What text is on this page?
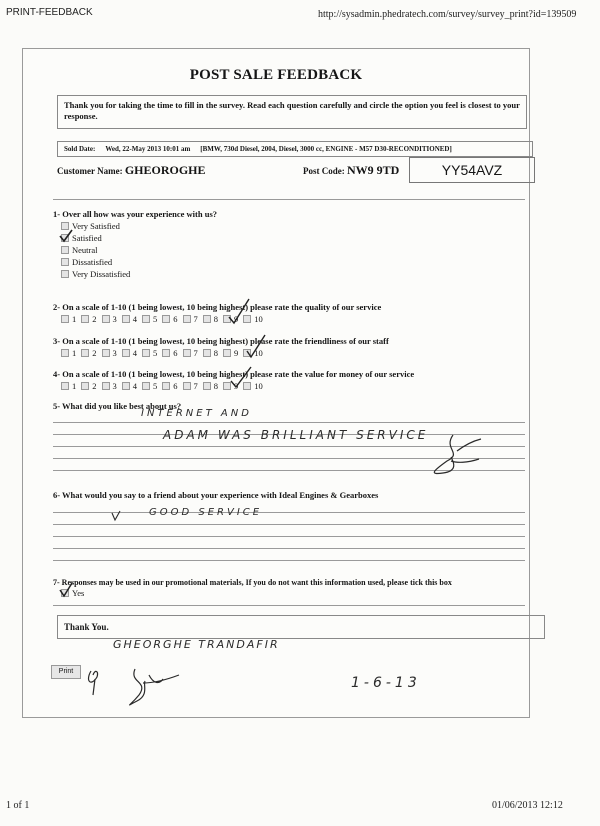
PRINT-FEEDBACK	http://sysadmin.phedratech.com/survey/survey_print?id=139509
1 of 1	01/06/2013 12:12
POST SALE FEEDBACK
Thank you for taking the time to fill in the survey. Read each question carefully and circle the option you feel is closest to your response.
Sold Date: Wed, 22-May 2013 10:01 am [BMW, 730d Diesel, 2004, Diesel, 3000 cc, ENGINE - M57 D30-RECONDITIONED]
Customer Name: GHEOROGHE	Post Code: NW9 9TD	YY54AVZ
1- Over all how was your experience with us?
Very Satisfied
Satisfied
Neutral
Dissatisfied
Very Dissatisfied
2- On a scale of 1-10 (1 being lowest, 10 being highest) please rate the quality of our service
1 2 3 4 5 6 7 8 9 10
3- On a scale of 1-10 (1 being lowest, 10 being highest) please rate the friendliness of our staff
1 2 3 4 5 6 7 8 9 10
4- On a scale of 1-10 (1 being lowest, 10 being highest) please rate the value for money of our service
1 2 3 4 5 6 7 8 9 10
5- What did you like best about us?
INTERNET AND
ADAM WAS BRILLIANT SERVICE
6- What would you say to a friend about your experience with Ideal Engines & Gearboxes
GOOD SERVICE
7- Responses may be used in our promotional materials, If you do not want this information used, please tick this box
Yes
Thank You.
Print
GHEORGHE TRANDAFIR
1-6-13
